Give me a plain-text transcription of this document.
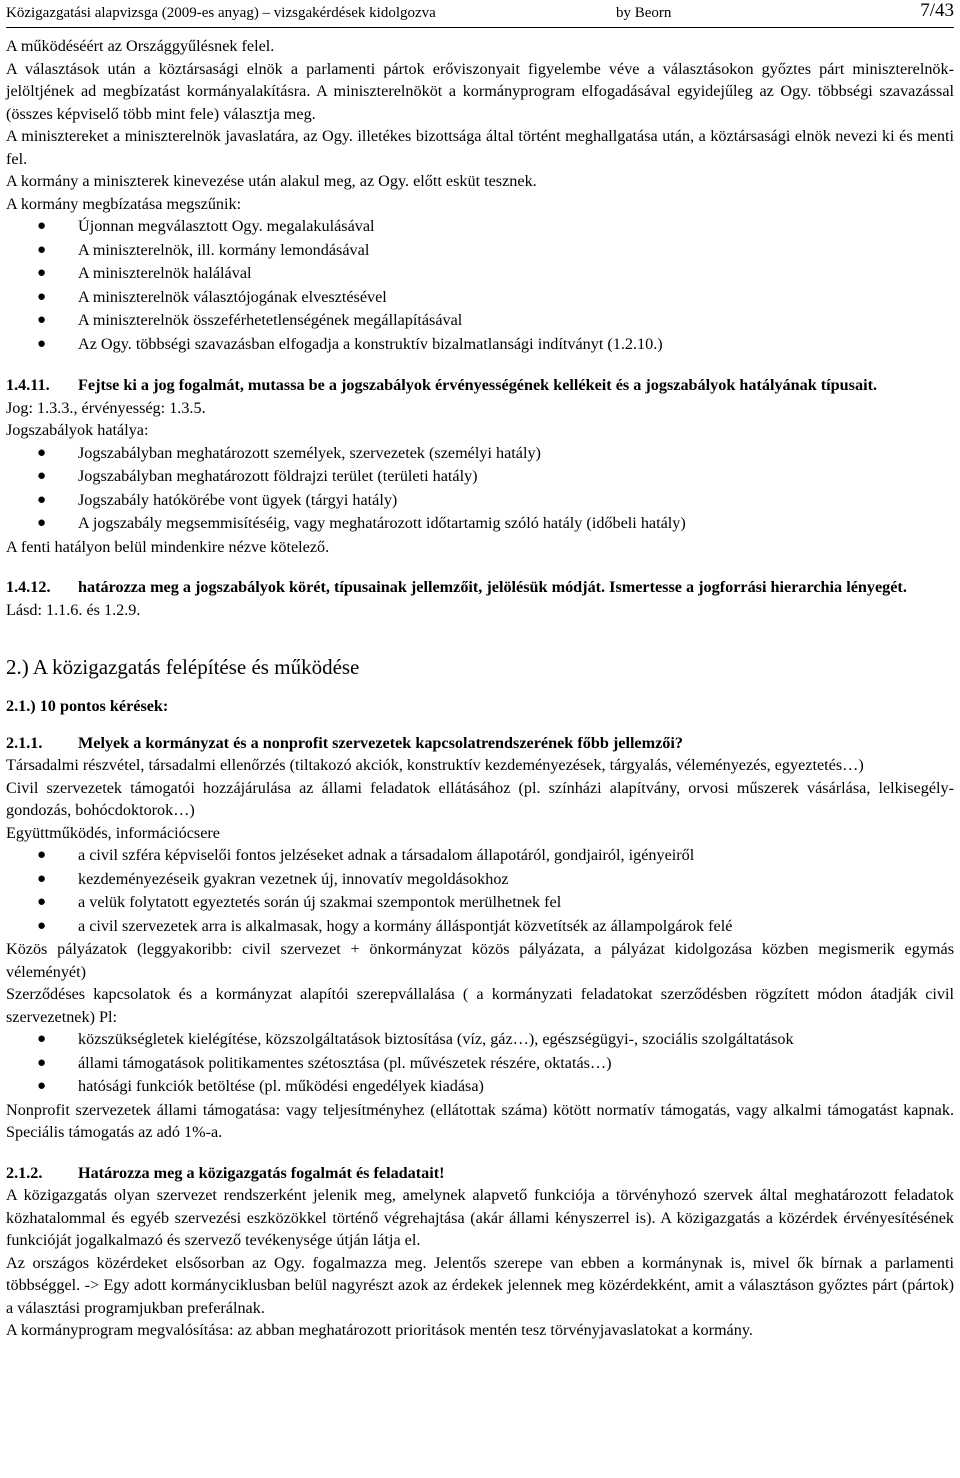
Közigazgatási alapvizsga (2009-es anyag) – vizsgakérdések kidolgozva	by Beorn	7/43

A működéséért az Országgyűlésnek felel.

A választások után a köztársasági elnök a parlamenti pártok erőviszonyait figyelembe véve a választásokon győztes párt miniszterelnök-jelöltjének ad megbízatást kormányalakításra. A miniszterelnököt a kormányprogram elfogadásával egyidejűleg az Ogy. többségi szavazással (összes képviselő több mint fele) választja meg.

A minisztereket a miniszterelnök javaslatára, az Ogy. illetékes bizottsága által történt meghallgatása után, a köztársasági elnök nevezi ki és menti fel.

A kormány a miniszterek kinevezése után alakul meg, az Ogy. előtt esküt tesznek.

A kormány megbízatása megszűnik:

● Újonnan megválasztott Ogy. megalakulásával
● A miniszterelnök, ill. kormány lemondásával
● A miniszterelnök halálával
● A miniszterelnök választójogának elvesztésével
● A miniszterelnök összeférhetetlenségének megállapításával
● Az Ogy. többségi szavazásban elfogadja a konstruktív bizalmatlansági indítványt (1.2.10.)
1.4.11.	Fejtse ki a jog fogalmát, mutassa be a jogszabályok érvényességének kellékeit és a jogszabályok hatályának típusait.

Jog: 1.3.3., érvényesség: 1.3.5.

Jogszabályok hatálya:

● Jogszabályban meghatározott személyek, szervezetek (személyi hatály)
● Jogszabályban meghatározott földrajzi terület (területi hatály)
● Jogszabály hatókörébe vont ügyek (tárgyi hatály)
● A jogszabály megsemmisítéséig, vagy meghatározott időtartamig szóló hatály (időbeli hatály)

A fenti hatályon belül mindenkire nézve kötelező.

1.4.12.	határozza meg a jogszabályok körét, típusainak jellemzőit, jelölésük módját. Ismertesse a jogforrási hierarchia lényegét.

Lásd: 1.1.6. és 1.2.9.

2.) A közigazgatás felépítése és működése

2.1.) 10 pontos kérések:

2.1.1.	Melyek a kormányzat és a nonprofit szervezetek kapcsolatrendszerének főbb jellemzői?

Társadalmi részvétel, társadalmi ellenőrzés (tiltakozó akciók, konstruktív kezdeményezések, tárgyalás, véleményezés, egyeztetés…)

Civil szervezetek támogatói hozzájárulása az állami feladatok ellátásához (pl. színházi alapítvány, orvosi műszerek vásárlása, lelkisegély-gondozás, bohócdoktorok…)

Együttműködés, információcsere

● a civil szféra képviselői fontos jelzéseket adnak a társadalom állapotáról, gondjairól, igényeiről
● kezdeményezéseik gyakran vezetnek új, innovatív megoldásokhoz
● a velük folytatott egyeztetés során új szakmai szempontok merülhetnek fel
● a civil szervezetek arra is alkalmasak, hogy a kormány álláspontját közvetítsék az állampolgárok felé

Közös pályázatok (leggyakoribb: civil szervezet + önkormányzat közös pályázata, a pályázat kidolgozása közben megismerik egymás véleményét)

Szerződéses kapcsolatok és a kormányzat alapítói szerepvállalása ( a kormányzati feladatokat szerződésben rögzített módon átadják civil szervezetnek) Pl:

● közszükségletek kielégítése, közszolgáltatások biztosítása (víz, gáz…), egészségügyi-, szociális szolgáltatások
● állami támogatások politikamentes szétosztása (pl. művészetek részére, oktatás…)
● hatósági funkciók betöltése (pl. működési engedélyek kiadása)

Nonprofit szervezetek állami támogatása: vagy teljesítményhez (ellátottak száma) kötött normatív támogatás, vagy alkalmi támogatást kapnak. Speciális támogatás az adó 1%-a.

2.1.2.	Határozza meg a közigazgatás fogalmát és feladatait!

A közigazgatás olyan szervezet rendszerként jelenik meg, amelynek alapvető funkciója a törvényhozó szervek által meghatározott feladatok közhatalommal és egyéb szervezési eszközökkel történő végrehajtása (akár állami kényszerrel is). A közigazgatás a közérdek érvényesítésének funkcióját jogalkalmazó és szervező tevékenysége útján látja el.

Az országos közérdeket elsősorban az Ogy. fogalmazza meg. Jelentős szerepe van ebben a kormánynak is, mivel ők bírnak a parlamenti többséggel. -> Egy adott kormányciklusban belül nagyrészt azok az érdekek jelennek meg közérdekként, amit a választáson győztes párt (pártok) a választási programjukban preferálnak.

A kormányprogram megvalósítása: az abban meghatározott prioritások mentén tesz törvényjavaslatokat a kormány.
